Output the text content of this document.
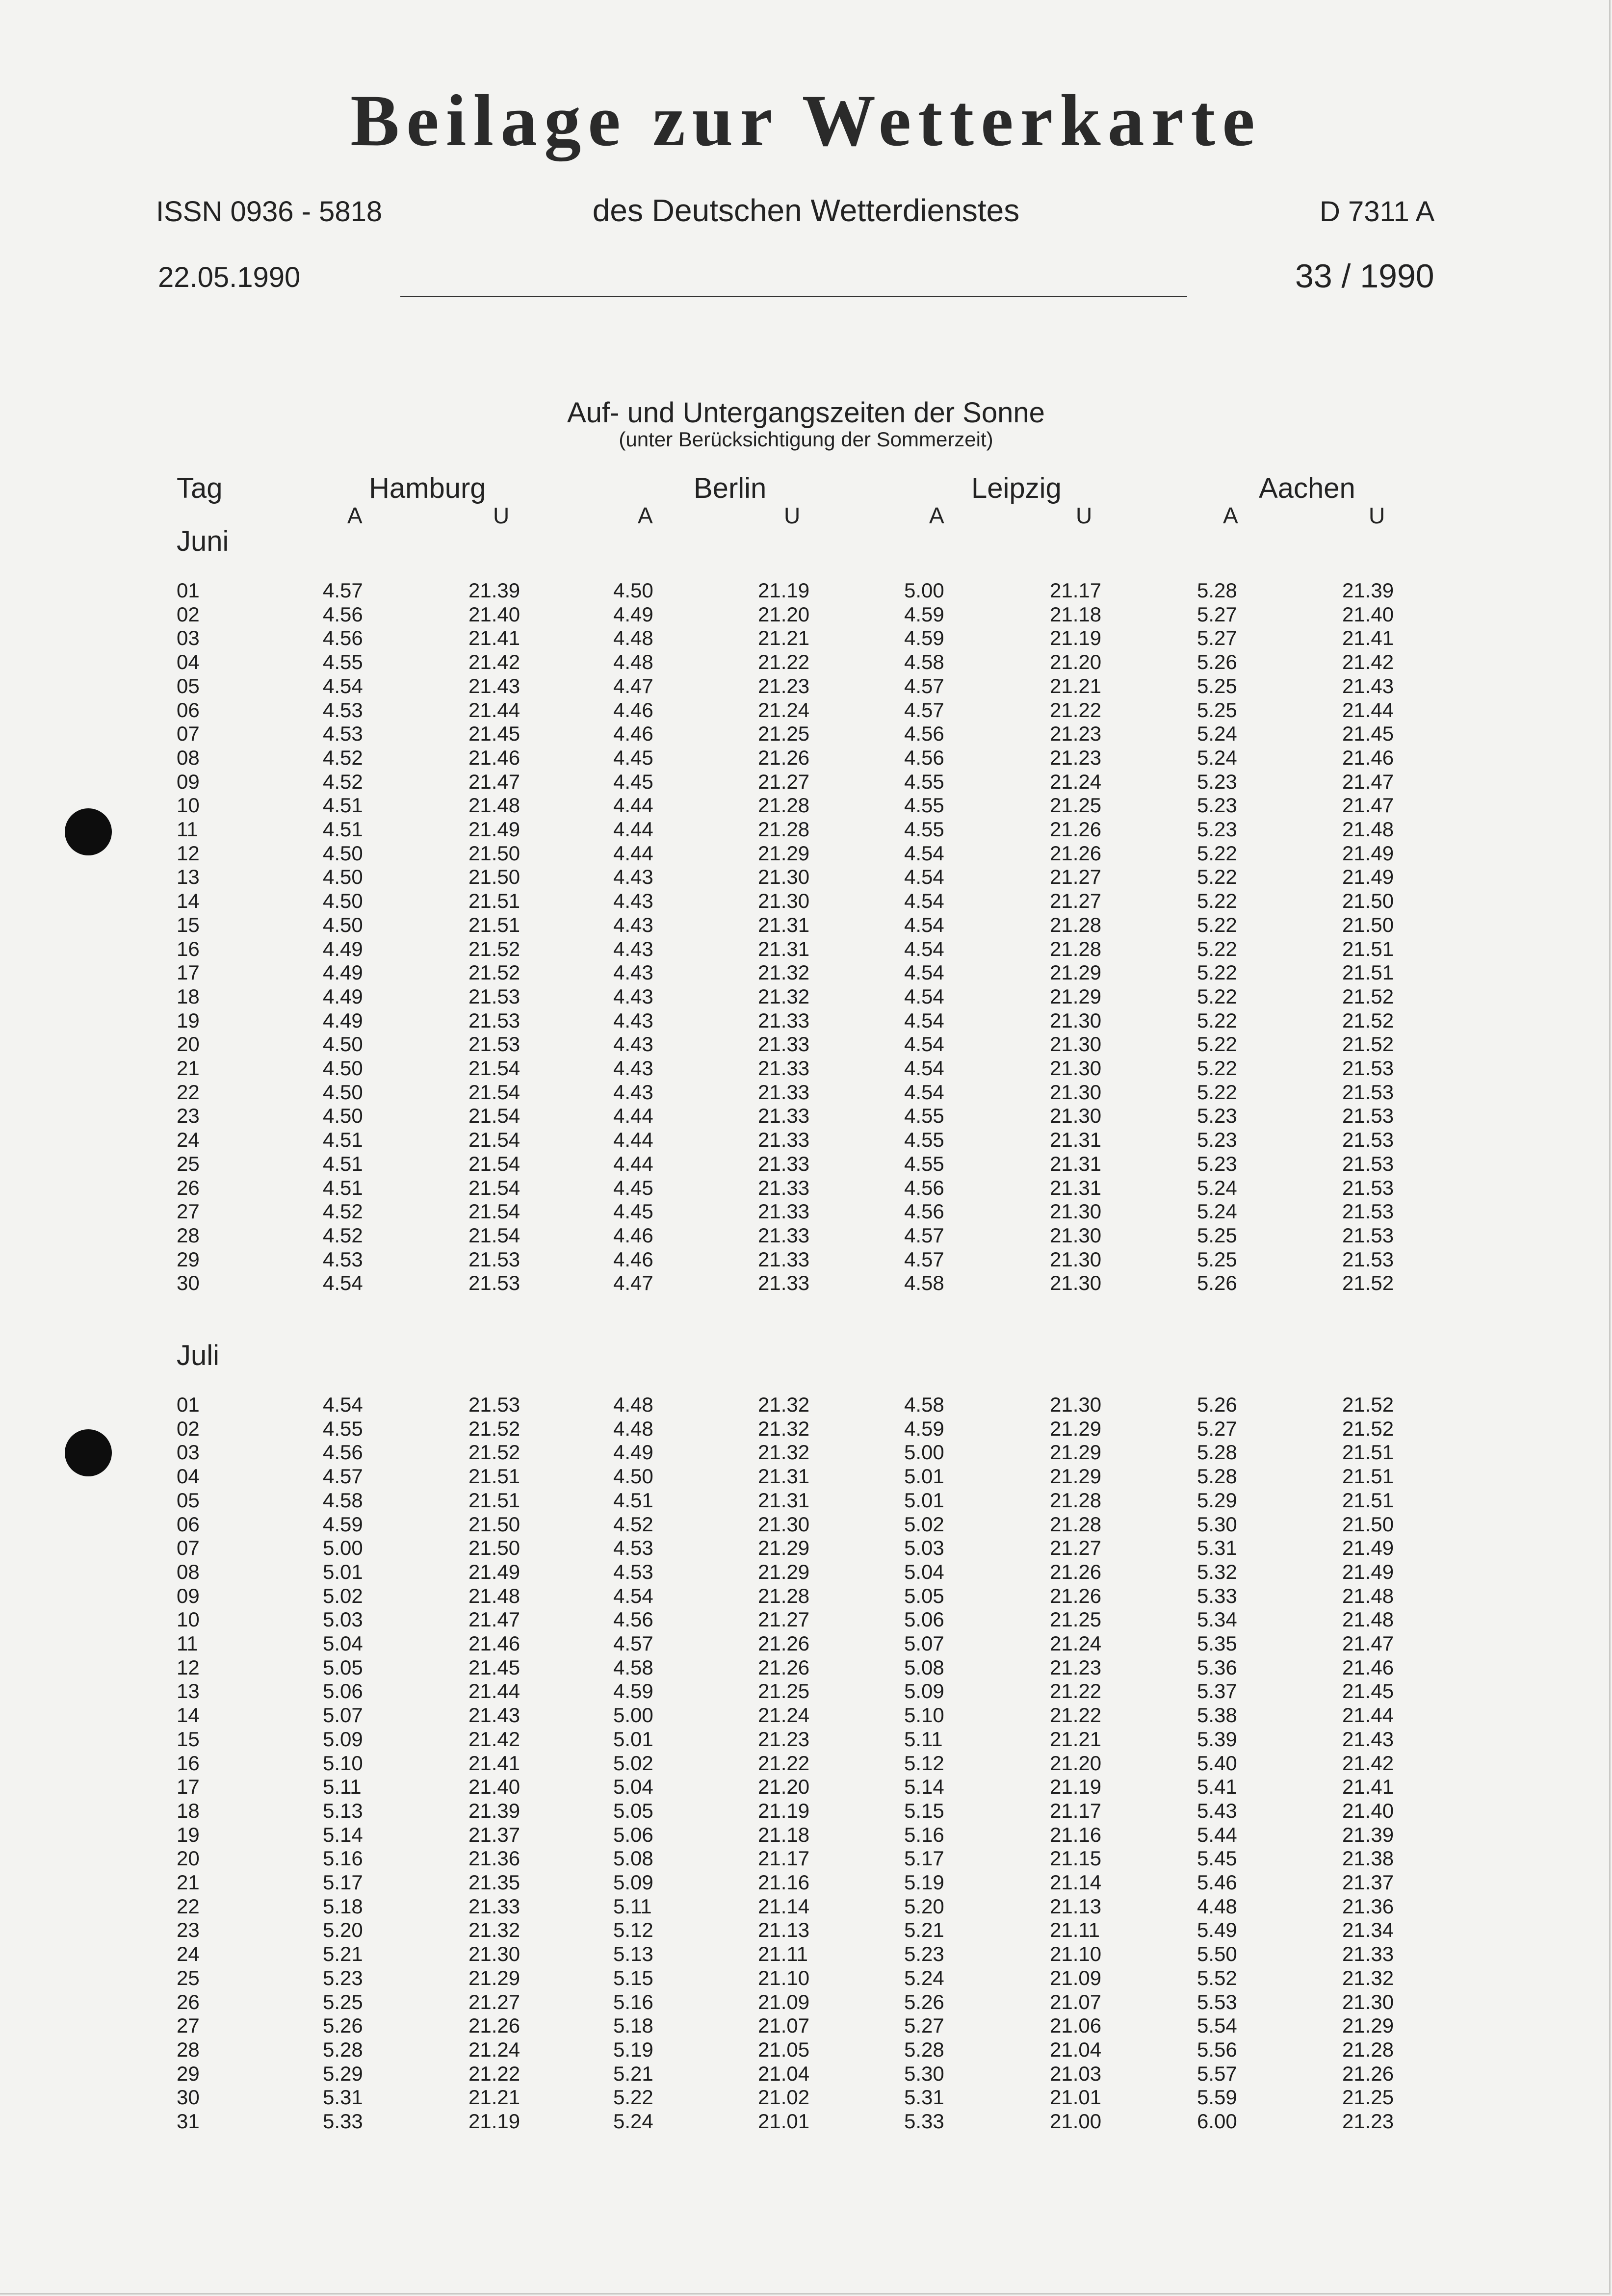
Beilage zur Wetterkarte
ISSN 0936 - 5818	des Deutschen Wetterdienstes	D 7311 A
22.05.1990	33 / 1990
Auf- und Untergangszeiten der Sonne
(unter Berücksichtigung der Sommerzeit)
Tag	Hamburg	Berlin	Leipzig	Aachen
A	U	A	U	A	U	A	U
Juni
Juli
01	4.57	21.39	4.50	21.19	5.00	21.17	5.28	21.39
02	4.56	21.40	4.49	21.20	4.59	21.18	5.27	21.40
03	4.56	21.41	4.48	21.21	4.59	21.19	5.27	21.41
04	4.55	21.42	4.48	21.22	4.58	21.20	5.26	21.42
05	4.54	21.43	4.47	21.23	4.57	21.21	5.25	21.43
06	4.53	21.44	4.46	21.24	4.57	21.22	5.25	21.44
07	4.53	21.45	4.46	21.25	4.56	21.23	5.24	21.45
08	4.52	21.46	4.45	21.26	4.56	21.23	5.24	21.46
09	4.52	21.47	4.45	21.27	4.55	21.24	5.23	21.47
10	4.51	21.48	4.44	21.28	4.55	21.25	5.23	21.47
11	4.51	21.49	4.44	21.28	4.55	21.26	5.23	21.48
12	4.50	21.50	4.44	21.29	4.54	21.26	5.22	21.49
13	4.50	21.50	4.43	21.30	4.54	21.27	5.22	21.49
14	4.50	21.51	4.43	21.30	4.54	21.27	5.22	21.50
15	4.50	21.51	4.43	21.31	4.54	21.28	5.22	21.50
16	4.49	21.52	4.43	21.31	4.54	21.28	5.22	21.51
17	4.49	21.52	4.43	21.32	4.54	21.29	5.22	21.51
18	4.49	21.53	4.43	21.32	4.54	21.29	5.22	21.52
19	4.49	21.53	4.43	21.33	4.54	21.30	5.22	21.52
20	4.50	21.53	4.43	21.33	4.54	21.30	5.22	21.52
21	4.50	21.54	4.43	21.33	4.54	21.30	5.22	21.53
22	4.50	21.54	4.43	21.33	4.54	21.30	5.22	21.53
23	4.50	21.54	4.44	21.33	4.55	21.30	5.23	21.53
24	4.51	21.54	4.44	21.33	4.55	21.31	5.23	21.53
25	4.51	21.54	4.44	21.33	4.55	21.31	5.23	21.53
26	4.51	21.54	4.45	21.33	4.56	21.31	5.24	21.53
27	4.52	21.54	4.45	21.33	4.56	21.30	5.24	21.53
28	4.52	21.54	4.46	21.33	4.57	21.30	5.25	21.53
29	4.53	21.53	4.46	21.33	4.57	21.30	5.25	21.53
30	4.54	21.53	4.47	21.33	4.58	21.30	5.26	21.52
01	4.54	21.53	4.48	21.32	4.58	21.30	5.26	21.52
02	4.55	21.52	4.48	21.32	4.59	21.29	5.27	21.52
03	4.56	21.52	4.49	21.32	5.00	21.29	5.28	21.51
04	4.57	21.51	4.50	21.31	5.01	21.29	5.28	21.51
05	4.58	21.51	4.51	21.31	5.01	21.28	5.29	21.51
06	4.59	21.50	4.52	21.30	5.02	21.28	5.30	21.50
07	5.00	21.50	4.53	21.29	5.03	21.27	5.31	21.49
08	5.01	21.49	4.53	21.29	5.04	21.26	5.32	21.49
09	5.02	21.48	4.54	21.28	5.05	21.26	5.33	21.48
10	5.03	21.47	4.56	21.27	5.06	21.25	5.34	21.48
11	5.04	21.46	4.57	21.26	5.07	21.24	5.35	21.47
12	5.05	21.45	4.58	21.26	5.08	21.23	5.36	21.46
13	5.06	21.44	4.59	21.25	5.09	21.22	5.37	21.45
14	5.07	21.43	5.00	21.24	5.10	21.22	5.38	21.44
15	5.09	21.42	5.01	21.23	5.11	21.21	5.39	21.43
16	5.10	21.41	5.02	21.22	5.12	21.20	5.40	21.42
17	5.11	21.40	5.04	21.20	5.14	21.19	5.41	21.41
18	5.13	21.39	5.05	21.19	5.15	21.17	5.43	21.40
19	5.14	21.37	5.06	21.18	5.16	21.16	5.44	21.39
20	5.16	21.36	5.08	21.17	5.17	21.15	5.45	21.38
21	5.17	21.35	5.09	21.16	5.19	21.14	5.46	21.37
22	5.18	21.33	5.11	21.14	5.20	21.13	4.48	21.36
23	5.20	21.32	5.12	21.13	5.21	21.11	5.49	21.34
24	5.21	21.30	5.13	21.11	5.23	21.10	5.50	21.33
25	5.23	21.29	5.15	21.10	5.24	21.09	5.52	21.32
26	5.25	21.27	5.16	21.09	5.26	21.07	5.53	21.30
27	5.26	21.26	5.18	21.07	5.27	21.06	5.54	21.29
28	5.28	21.24	5.19	21.05	5.28	21.04	5.56	21.28
29	5.29	21.22	5.21	21.04	5.30	21.03	5.57	21.26
30	5.31	21.21	5.22	21.02	5.31	21.01	5.59	21.25
31	5.33	21.19	5.24	21.01	5.33	21.00	6.00	21.23
